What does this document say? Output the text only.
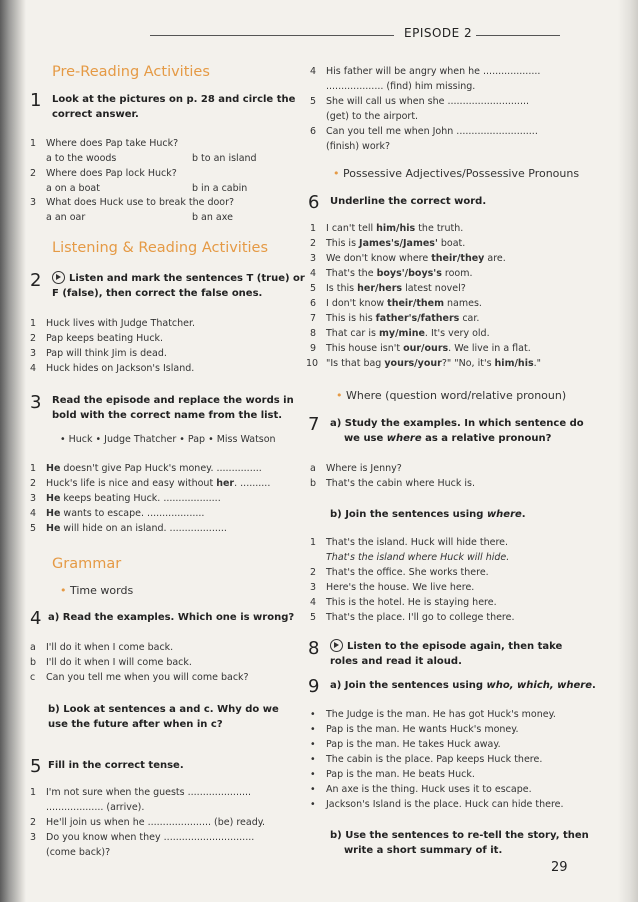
EPISODE 2
Pre-Reading Activities
1 Look at the pictures on p. 28 and circle the
correct answer.
1 Where does Pap take Huck?
a to the woods	b to an island
2 Where does Pap lock Huck?
a on a boat	b in a cabin
3 What does Huck use to break the door?
a an oar	b an axe
Listening & Reading Activities
2	Listen and mark the sentences T (true) or
F (false), then correct the false ones.
1 Huck lives with Judge Thatcher.
2 Pap keeps beating Huck.
3 Pap will think Jim is dead.
4 Huck hides on Jackson's Island.
3 Read the episode and replace the words in
bold with the correct name from the list.
• Huck • Judge Thatcher • Pap • Miss Watson
1 He doesn't give Pap Huck's money. ...............
2 Huck's life is nice and easy without her. ..........
3 He keeps beating Huck. ...................
4 He wants to escape. ...................
5 He will hide on an island. ...................
Grammar
• Time words
4 a) Read the examples. Which one is wrong?
a I'll do it when I come back.
b I'll do it when I will come back.
c Can you tell me when you will come back?
b) Look at sentences a and c. Why do we
use the future after when in c?
5 Fill in the correct tense.
1 I'm not sure when the guests .....................
................... (arrive).
2 He'll join us when he ..................... (be) ready.
3 Do you know when they ..............................
(come back)?
4 His father will be angry when he ...................
................... (find) him missing.
5 She will call us when she ...........................
(get) to the airport.
6 Can you tell me when John ...........................
(finish) work?
• Possessive Adjectives/Possessive Pronouns
6 Underline the correct word.
1 I can't tell him/his the truth.
2 This is James's/James' boat.
3 We don't know where their/they are.
4 That's the boys'/boys's room.
5 Is this her/hers latest novel?
6 I don't know their/them names.
7 This is his father's/fathers car.
8 That car is my/mine. It's very old.
9 This house isn't our/ours. We live in a flat.
10 "Is that bag yours/your?" "No, it's him/his."
• Where (question word/relative pronoun)
7 a) Study the examples. In which sentence do
we use where as a relative pronoun?
a Where is Jenny?
b That's the cabin where Huck is.
b) Join the sentences using where.
1 That's the island. Huck will hide there.
That's the island where Huck will hide.
2 That's the office. She works there.
3 Here's the house. We live here.
4 This is the hotel. He is staying here.
5 That's the place. I'll go to college there.
8	Listen to the episode again, then take
roles and read it aloud.
9 a) Join the sentences using who, which, where.
• The Judge is the man. He has got Huck's money.
• Pap is the man. He wants Huck's money.
• Pap is the man. He takes Huck away.
• The cabin is the place. Pap keeps Huck there.
• Pap is the man. He beats Huck.
• An axe is the thing. Huck uses it to escape.
• Jackson's Island is the place. Huck can hide there.
b) Use the sentences to re-tell the story, then
write a short summary of it.
29
